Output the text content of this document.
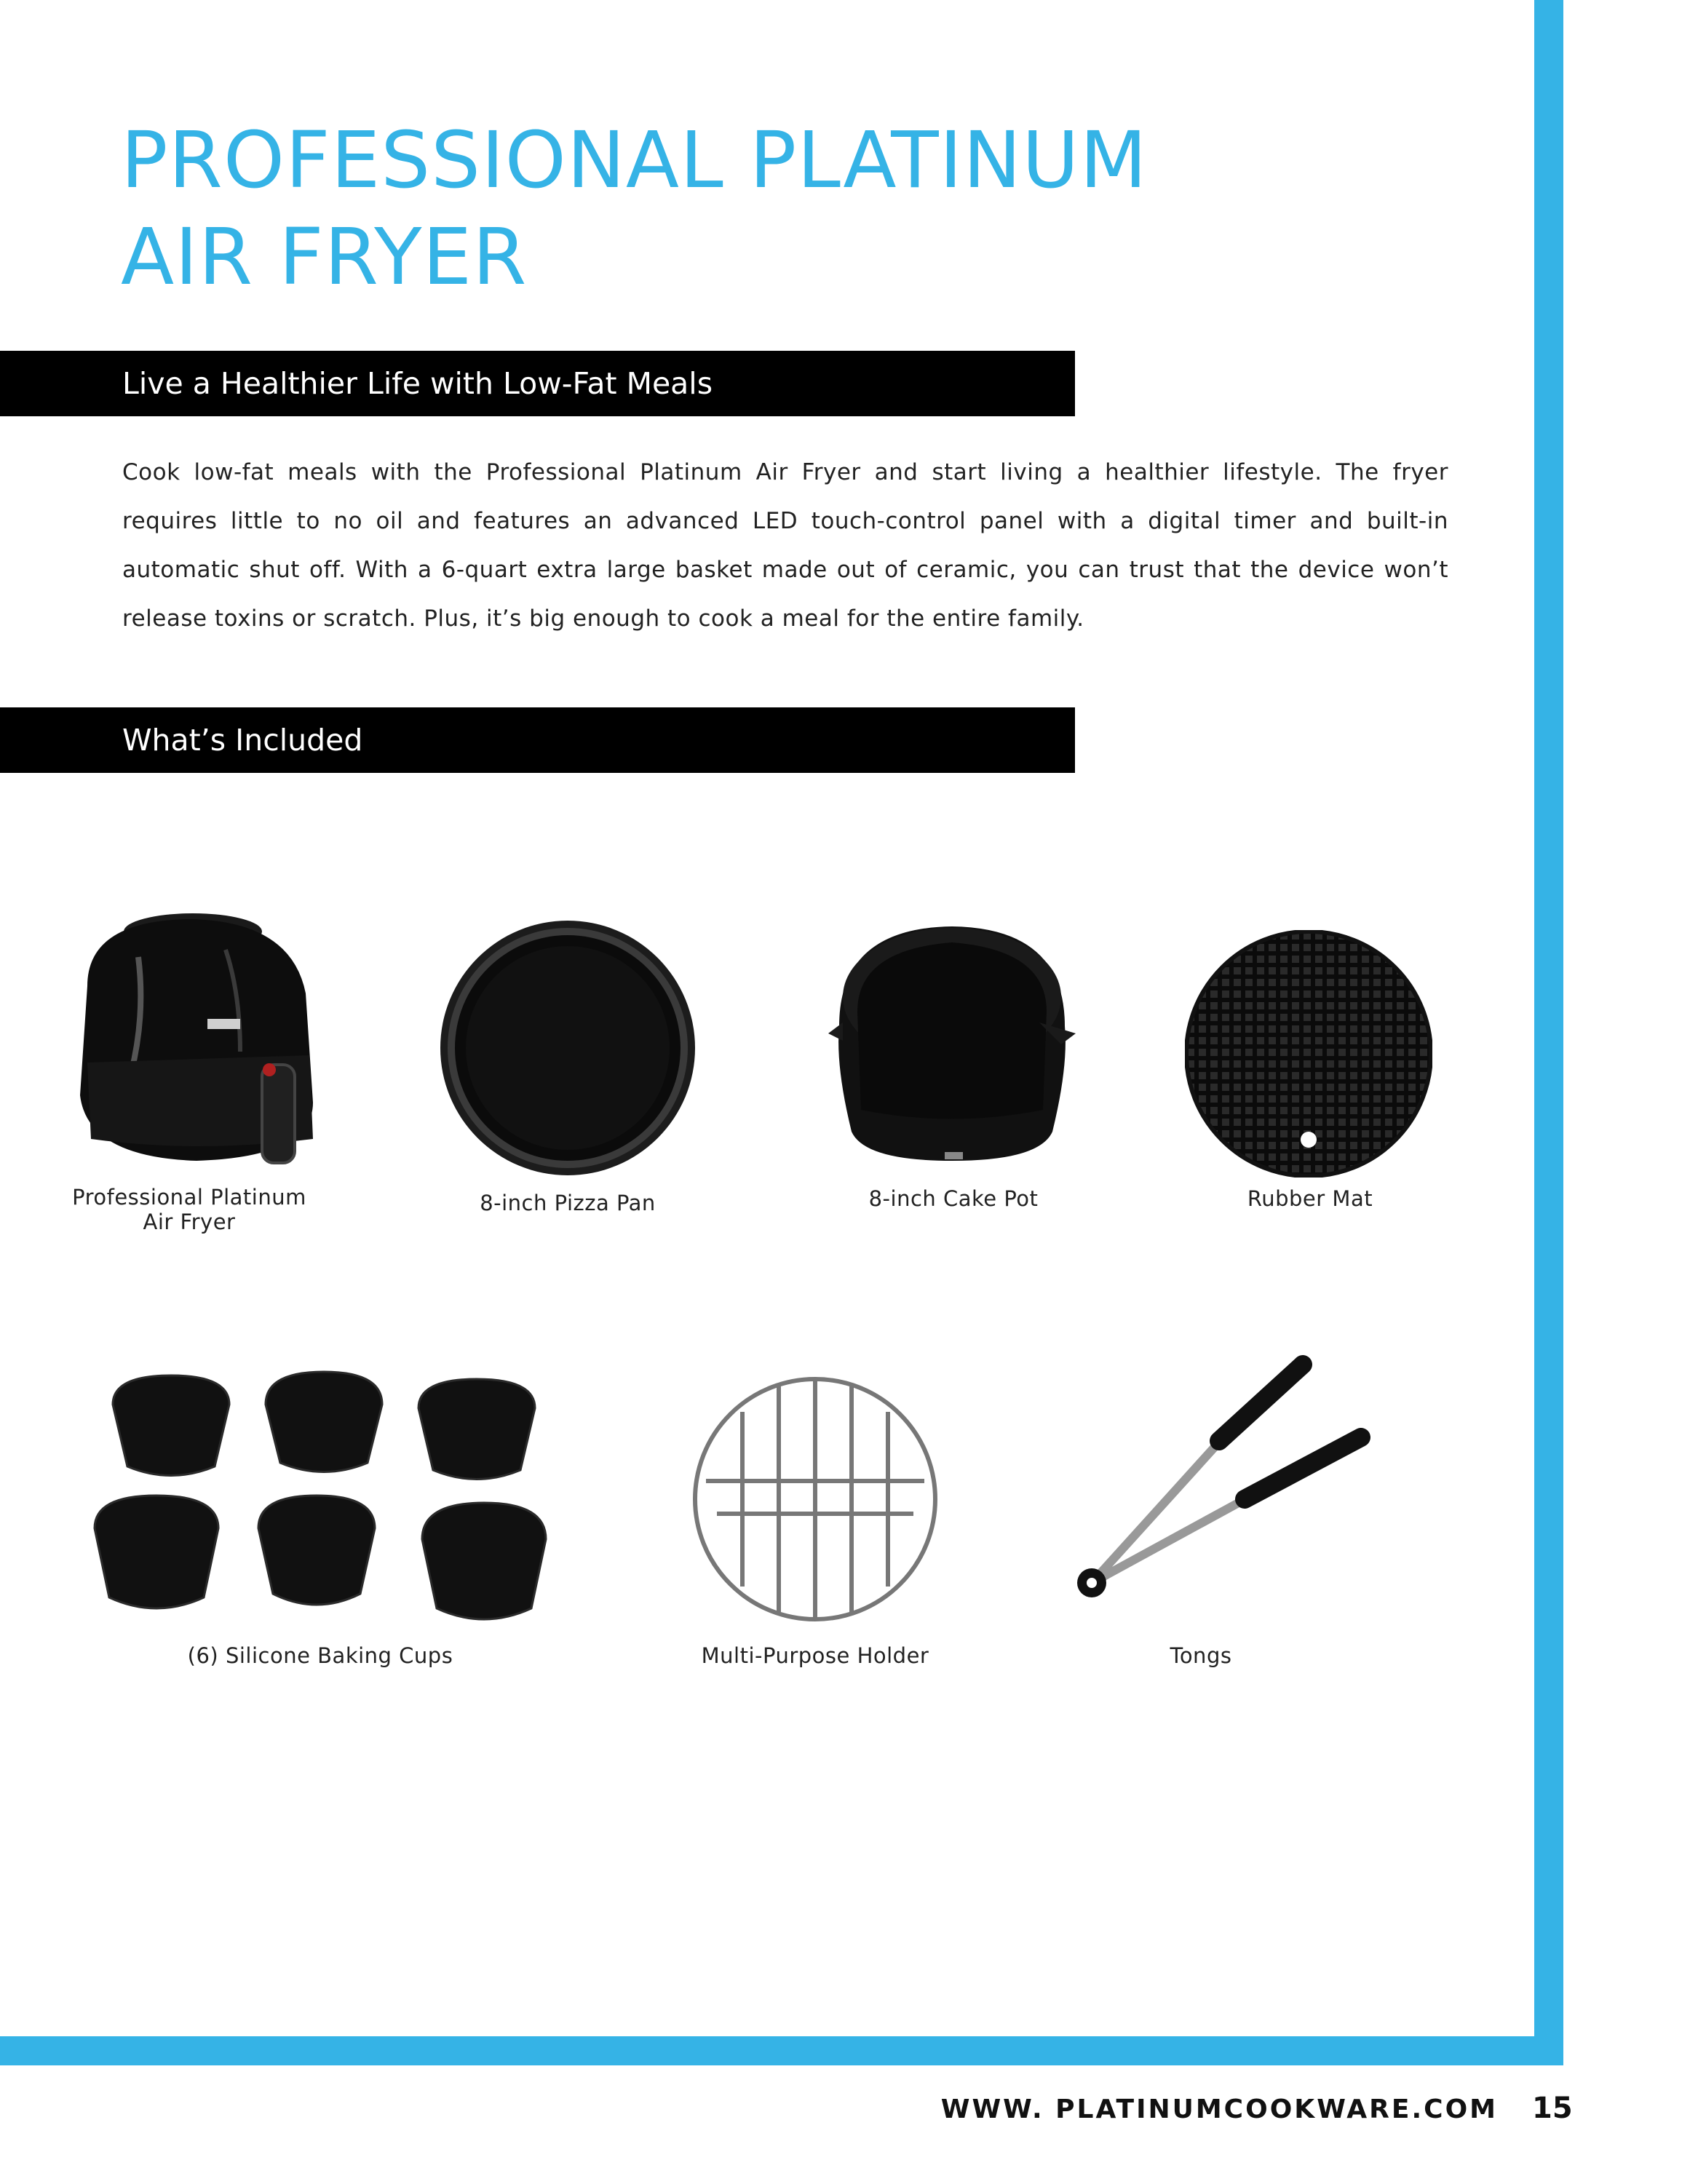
PROFESSIONAL PLATINUM
AIR FRYER
Live a Healthier Life with Low-Fat Meals
Cook low-fat meals with the Professional Platinum Air Fryer and start living a healthier lifestyle. The fryer requires little to no oil and features an advanced LED touch-control panel with a digital timer and built-in automatic shut off. With a 6-quart extra large basket made out of ceramic, you can trust that the device won’t release toxins or scratch. Plus, it’s big enough to cook a meal for the entire family.
What’s Included
Professional Platinum
Air Fryer
8-inch Pizza Pan	8-inch Cake Pot	Rubber Mat
(6) Silicone Baking Cups	Multi-Purpose Holder	Tongs
WWW. PLATINUMCOOKWARE.COM 15
